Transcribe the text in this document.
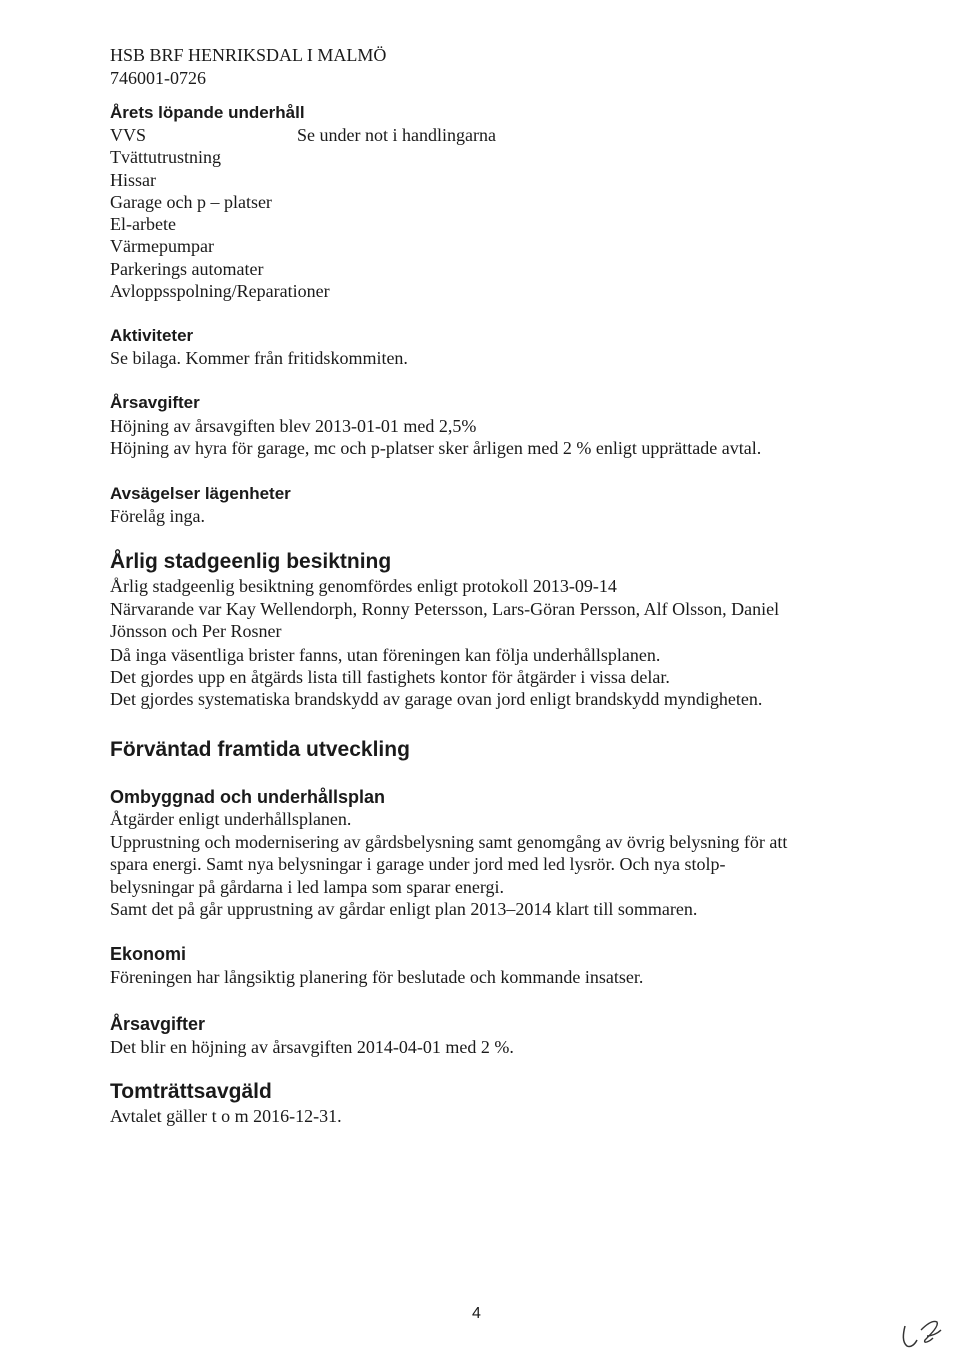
HSB BRF HENRIKSDAL I MALMÖ
746001-0726
Årets löpande underhåll
VVS	Se under not i handlingarna
Tvättutrustning
Hissar
Garage och p – platser
El-arbete
Värmepumpar
Parkerings automater
Avloppsspolning/Reparationer
Aktiviteter
Se bilaga. Kommer från fritidskommiten.
Årsavgifter
Höjning av årsavgiften blev 2013-01-01 med 2,5%
Höjning av hyra för garage, mc och p-platser sker årligen med 2 % enligt upprättade avtal.
Avsägelser lägenheter
Förelåg inga.
Årlig stadgeenlig besiktning
Årlig stadgeenlig besiktning genomfördes enligt protokoll 2013-09-14
Närvarande var Kay Wellendorph, Ronny Petersson, Lars-Göran Persson, Alf Olsson, Daniel
Jönsson och Per Rosner
Då inga väsentliga brister fanns, utan föreningen kan följa underhållsplanen.
Det gjordes upp en åtgärds lista till fastighets kontor för åtgärder i vissa delar.
Det gjordes systematiska brandskydd av garage ovan jord enligt brandskydd myndigheten.
Förväntad framtida utveckling
Ombyggnad och underhållsplan
Åtgärder enligt underhållsplanen.
Upprustning och modernisering av gårdsbelysning samt genomgång av övrig belysning för att
spara energi. Samt nya belysningar i garage under jord med led lysrör. Och nya stolp-
belysningar på gårdarna i led lampa som sparar energi.
Samt det på går upprustning av gårdar enligt plan 2013–2014 klart till sommaren.
Ekonomi
Föreningen har långsiktig planering för beslutade och kommande insatser.
Årsavgifter
Det blir en höjning av årsavgiften 2014-04-01 med 2 %.
Tomträttsavgäld
Avtalet gäller t o m 2016-12-31.
4
